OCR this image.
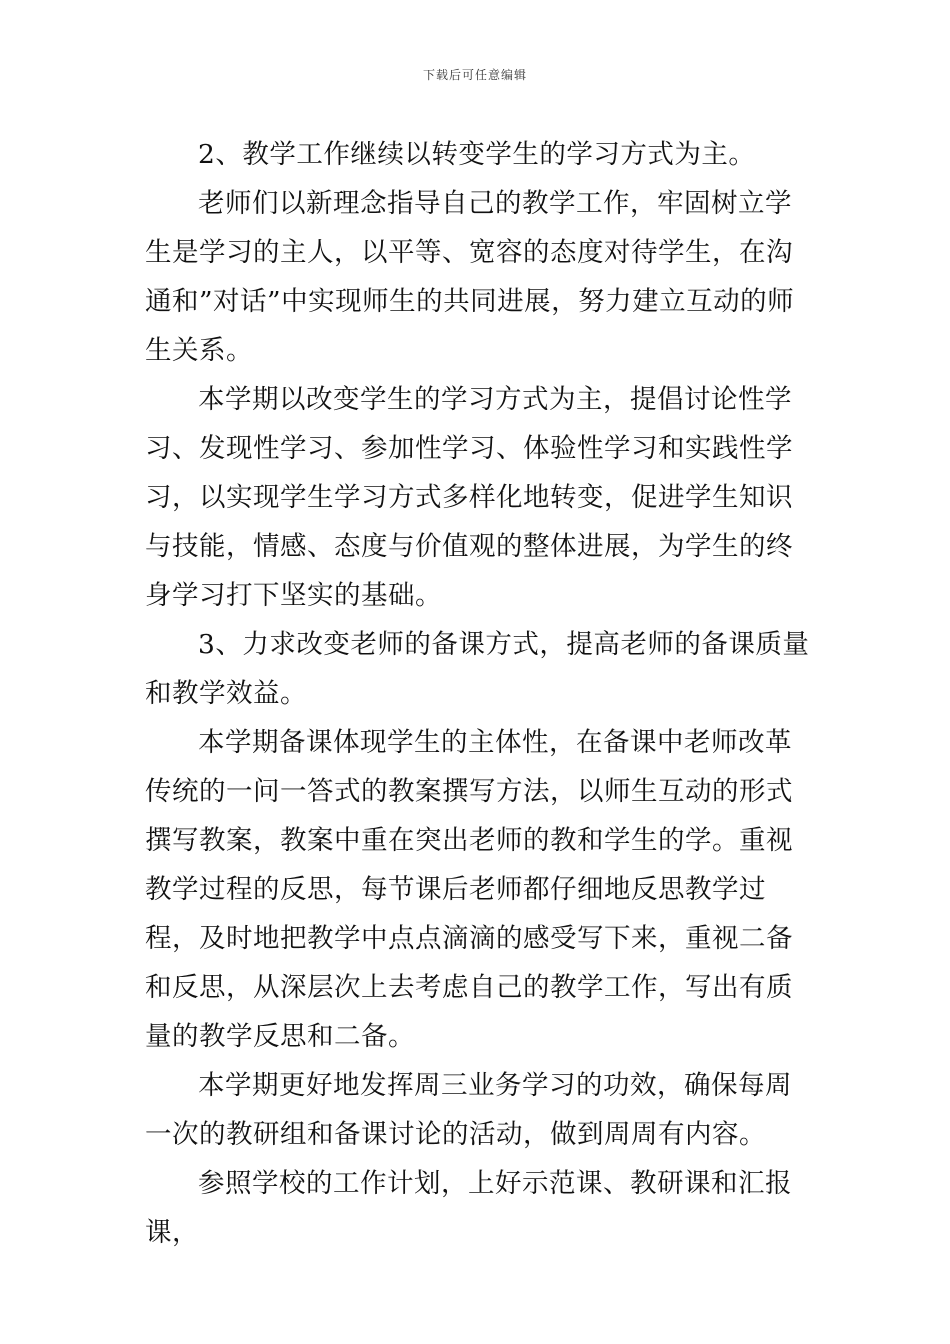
下载后可任意编辑

2、教学工作继续以转变学生的学习方式为主。

老师们以新理念指导自己的教学工作，牢固树立学生是学习的主人，以平等、宽容的态度对待学生，在沟通和”对话”中实现师生的共同进展，努力建立互动的师生关系。

本学期以改变学生的学习方式为主，提倡讨论性学习、发现性学习、参加性学习、体验性学习和实践性学习，以实现学生学习方式多样化地转变，促进学生知识与技能，情感、态度与价值观的整体进展，为学生的终身学习打下坚实的基础。

3、力求改变老师的备课方式，提高老师的备课质量和教学效益。

本学期备课体现学生的主体性，在备课中老师改革传统的一问一答式的教案撰写方法，以师生互动的形式撰写教案，教案中重在突出老师的教和学生的学。重视教学过程的反思，每节课后老师都仔细地反思教学过程，及时地把教学中点点滴滴的感受写下来，重视二备和反思，从深层次上去考虑自己的教学工作，写出有质量的教学反思和二备。

本学期更好地发挥周三业务学习的功效，确保每周一次的教研组和备课讨论的活动，做到周周有内容。

参照学校的工作计划，上好示范课、教研课和汇报课，
